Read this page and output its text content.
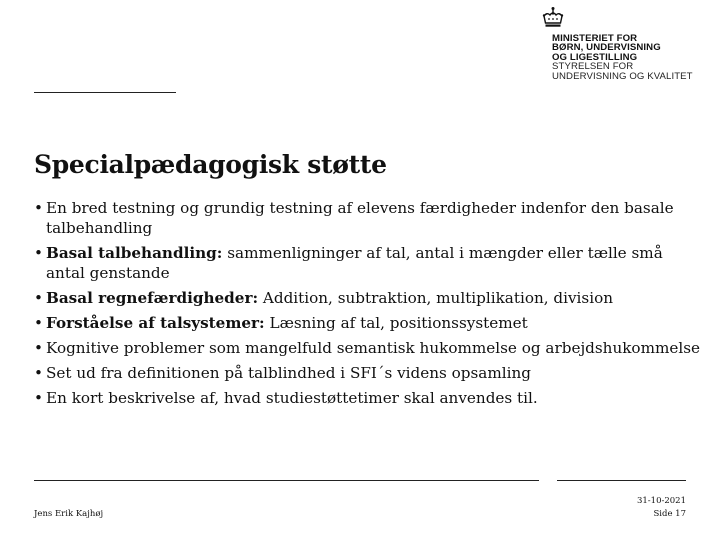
MINISTERIET FOR
BØRN, UNDERVISNING
OG LIGESTILLING
STYRELSEN FOR
UNDERVISNING OG KVALITET
Specialpædagogisk støtte
• En bred testning og grundig testning af elevens færdigheder indenfor den basale talbehandling
• Basal talbehandling: sammenligninger af tal, antal i mængder eller tælle små antal genstande
• Basal regnefærdigheder: Addition, subtraktion, multiplikation, division
• Forståelse af talsystemer: Læsning af tal, positionssystemet
• Kognitive problemer som mangelfuld semantisk hukommelse og arbejdshukommelse
• Set ud fra definitionen på talblindhed i SFI´s videns opsamling
• En kort beskrivelse af, hvad studiestøttetimer skal anvendes til.
Jens Erik Kajhøj
31-10-2021
Side 17
